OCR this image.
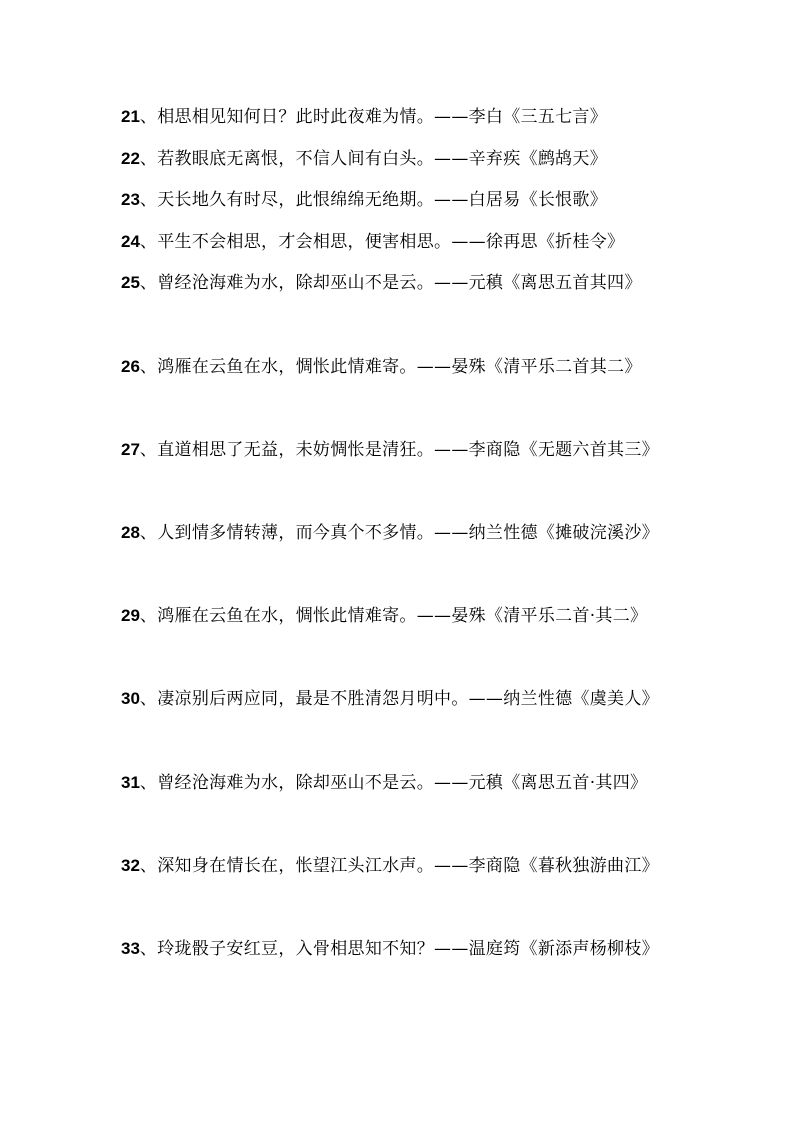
21、相思相见知何日？此时此夜难为情。——李白《三五七言》
22、若教眼底无离恨，不信人间有白头。——辛弃疾《鹧鸪天》
23、天长地久有时尽，此恨绵绵无绝期。——白居易《长恨歌》
24、平生不会相思，才会相思，便害相思。——徐再思《折桂令》
25、曾经沧海难为水，除却巫山不是云。——元稹《离思五首其四》
26、鸿雁在云鱼在水，惆怅此情难寄。——晏殊《清平乐二首其二》
27、直道相思了无益，未妨惆怅是清狂。——李商隐《无题六首其三》
28、人到情多情转薄，而今真个不多情。——纳兰性德《摊破浣溪沙》
29、鸿雁在云鱼在水，惆怅此情难寄。——晏殊《清平乐二首·其二》
30、凄凉别后两应同，最是不胜清怨月明中。——纳兰性德《虞美人》
31、曾经沧海难为水，除却巫山不是云。——元稹《离思五首·其四》
32、深知身在情长在，怅望江头江水声。——李商隐《暮秋独游曲江》
33、玲珑骰子安红豆，入骨相思知不知？——温庭筠《新添声杨柳枝》
